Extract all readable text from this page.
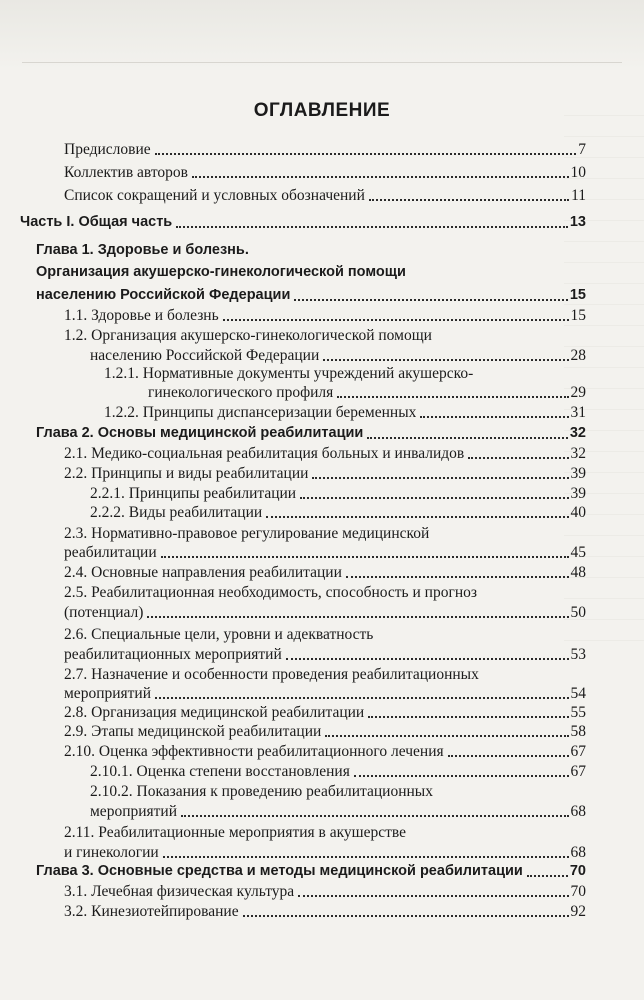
ОГЛАВЛЕНИЕ
Предисловие	7
Коллектив авторов	10
Список сокращений и условных обозначений	11
Часть I. Общая часть	13
Глава 1. Здоровье и болезнь.
Организация акушерско-гинекологической помощи
населению Российской Федерации	15
1.1. Здоровье и болезнь	15
1.2. Организация акушерско-гинекологической помощи
населению Российской Федерации	28
1.2.1. Нормативные документы учреждений акушерско-
гинекологического профиля	29
1.2.2. Принципы диспансеризации беременных	31
Глава 2. Основы медицинской реабилитации	32
2.1. Медико-социальная реабилитация больных и инвалидов	32
2.2. Принципы и виды реабилитации	39
2.2.1. Принципы реабилитации	39
2.2.2. Виды реабилитации	40
2.3. Нормативно-правовое регулирование медицинской
реабилитации	45
2.4. Основные направления реабилитации	48
2.5. Реабилитационная необходимость, способность и прогноз
(потенциал)	50
2.6. Специальные цели, уровни и адекватность
реабилитационных мероприятий	53
2.7. Назначение и особенности проведения реабилитационных
мероприятий	54
2.8. Организация медицинской реабилитации	55
2.9. Этапы медицинской реабилитации	58
2.10. Оценка эффективности реабилитационного лечения	67
2.10.1. Оценка степени восстановления	67
2.10.2. Показания к проведению реабилитационных
мероприятий	68
2.11. Реабилитационные мероприятия в акушерстве
и гинекологии	68
Глава 3. Основные средства и методы медицинской реабилитации	70
3.1. Лечебная физическая культура	70
3.2. Кинезиотейпирование	92
